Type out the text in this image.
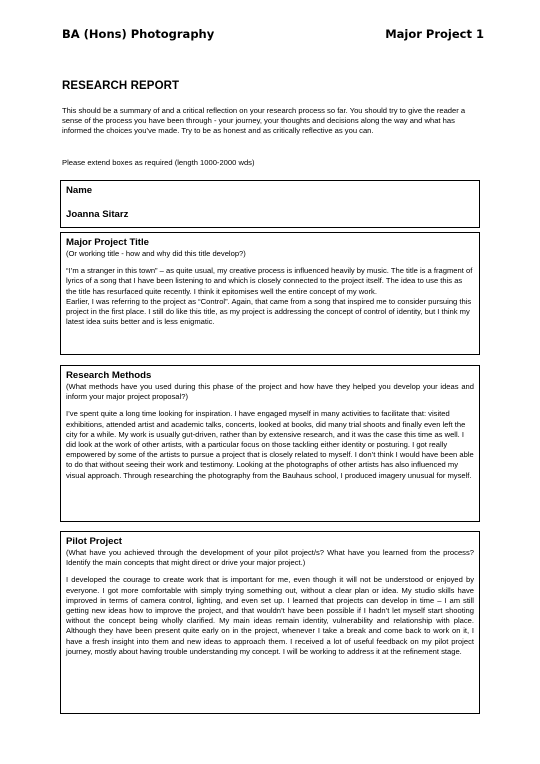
BA (Hons) Photography	Major Project 1
RESEARCH REPORT
This should be a summary of and a critical reflection on your research process so far. You should try to give the reader a sense of the process you have been through - your journey, your thoughts and decisions along the way and what has informed the choices you’ve made. Try to be as honest and as critically reflective as you can.
Please extend boxes as required (length 1000-2000 wds)
Name
Joanna Sitarz
Major Project Title
(Or working title - how and why did this title develop?)

“I’m a stranger in this town” – as quite usual, my creative process is influenced heavily by music. The title is a fragment of lyrics of a song that I have been listening to and which is closely connected to the project itself. The idea to use this as the title has resurfaced quite recently. I think it epitomises well the entire concept of my work.

Earlier, I was referring to the project as “Control”. Again, that came from a song that inspired me to consider pursuing this project in the first place. I still do like this title, as my project is addressing the concept of control of identity, but I think my latest idea suits better and is less enigmatic.

Research Methods
(What methods have you used during this phase of the project and how have they helped you develop your ideas and inform your major project proposal?)
I’ve spent quite a long time looking for inspiration. I have engaged myself in many activities to facilitate that: visited exhibitions, attended artist and academic talks, concerts, looked at books, did many trial shoots and finally even left the city for a while. My work is usually gut-driven, rather than by extensive research, and it was the case this time as well. I did look at the work of other artists, with a particular focus on those tackling either identity or posturing. I got really empowered by some of the artists to pursue a project that is closely related to myself. I don’t think I would have been able to do that without seeing their work and testimony. Looking at the photographs of other artists has also influenced my visual approach. Through researching the photography from the Bauhaus school, I produced imagery unusual for myself.
Pilot Project
(What have you achieved through the development of your pilot project/s? What have you learned from the process? Identify the main concepts that might direct or drive your major project.)
I developed the courage to create work that is important for me, even though it will not be understood or enjoyed by everyone. I got more comfortable with simply trying something out, without a clear plan or idea. My studio skills have improved in terms of camera control, lighting, and even set up. I learned that projects can develop in time – I am still getting new ideas how to improve the project, and that wouldn’t have been possible if I hadn’t let myself start shooting without the concept being wholly clarified. My main ideas remain identity, vulnerability and relationship with place. Although they have been present quite early on in the project, whenever I take a break and come back to work on it, I have a fresh insight into them and new ideas to approach them. I received a lot of useful feedback on my pilot project journey, mostly about having trouble understanding my concept. I will be working to address it at the refinement stage.
